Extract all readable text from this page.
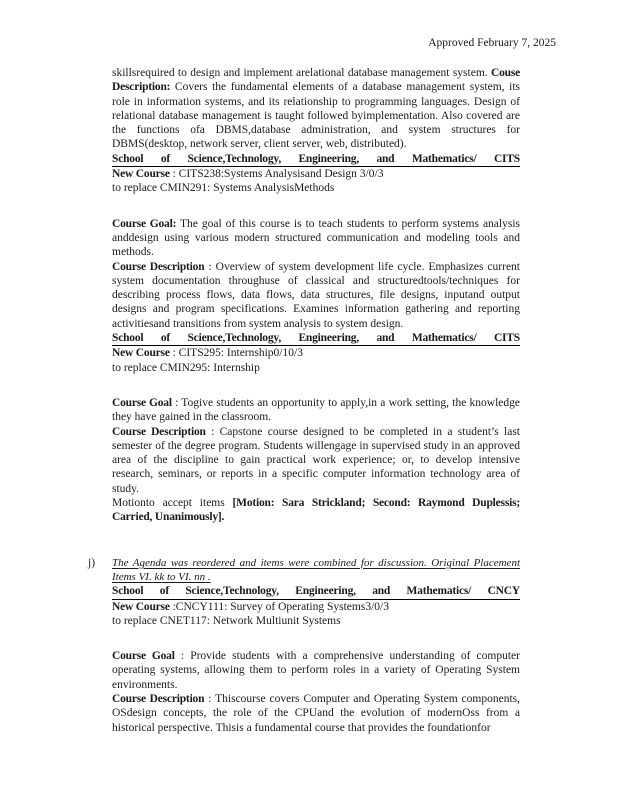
Approved February 7, 2025
skillsrequired to design and implement arelational database management system. Couse Description: Covers the fundamental elements of a database management system, its role in information systems, and its relationship to programming languages. Design of relational database management is taught followed byimplementation. Also covered are the functions ofa DBMS,database administration, and system structures for DBMS(desktop, network server, client server, web, distributed).
School of Science,Technology, Engineering, and Mathematics/ CITS
New Course : CITS238:Systems Analysisand Design 3/0/3
to replace CMIN291: Systems AnalysisMethods
Course Goal: The goal of this course is to teach students to perform systems analysis anddesign using various modern structured communication and modeling tools and methods.
Course Description : Overview of system development life cycle. Emphasizes current system documentation throughuse of classical and structuredtools/techniques for describing process flows, data flows, data structures, file designs, inputand output designs and program specifications. Examines information gathering and reporting activitiesand transitions from system analysis to system design.
School of Science,Technology, Engineering, and Mathematics/ CITS
New Course : CITS295: Internship0/10/3
to replace CMIN295: Internship
Course Goal : Togive students an opportunity to apply,in a work setting, the knowledge they have gained in the classroom.
Course Description : Capstone course designed to be completed in a student’s last semester of the degree program. Students willengage in supervised study in an approved area of the discipline to gain practical work experience; or, to develop intensive research, seminars, or reports in a specific computer information technology area of study.
Motionto accept items [Motion: Sara Strickland; Second: Raymond Duplessis; Carried, Unanimously].
j) The Agenda was reordered and items were combined for discussion. Original Placement
Items VI. kk to VI. nn .
School of Science,Technology, Engineering, and Mathematics/ CNCY
New Course :CNCY111: Survey of Operating Systems3/0/3
to replace CNET117: Network Multiunit Systems
Course Goal : Provide students with a comprehensive understanding of computer operating systems, allowing them to perform roles in a variety of Operating System environments.
Course Description : Thiscourse covers Computer and Operating System components, OSdesign concepts, the role of the CPUand the evolution of modernOss from a historical perspective. Thisis a fundamental course that provides the foundationfor
